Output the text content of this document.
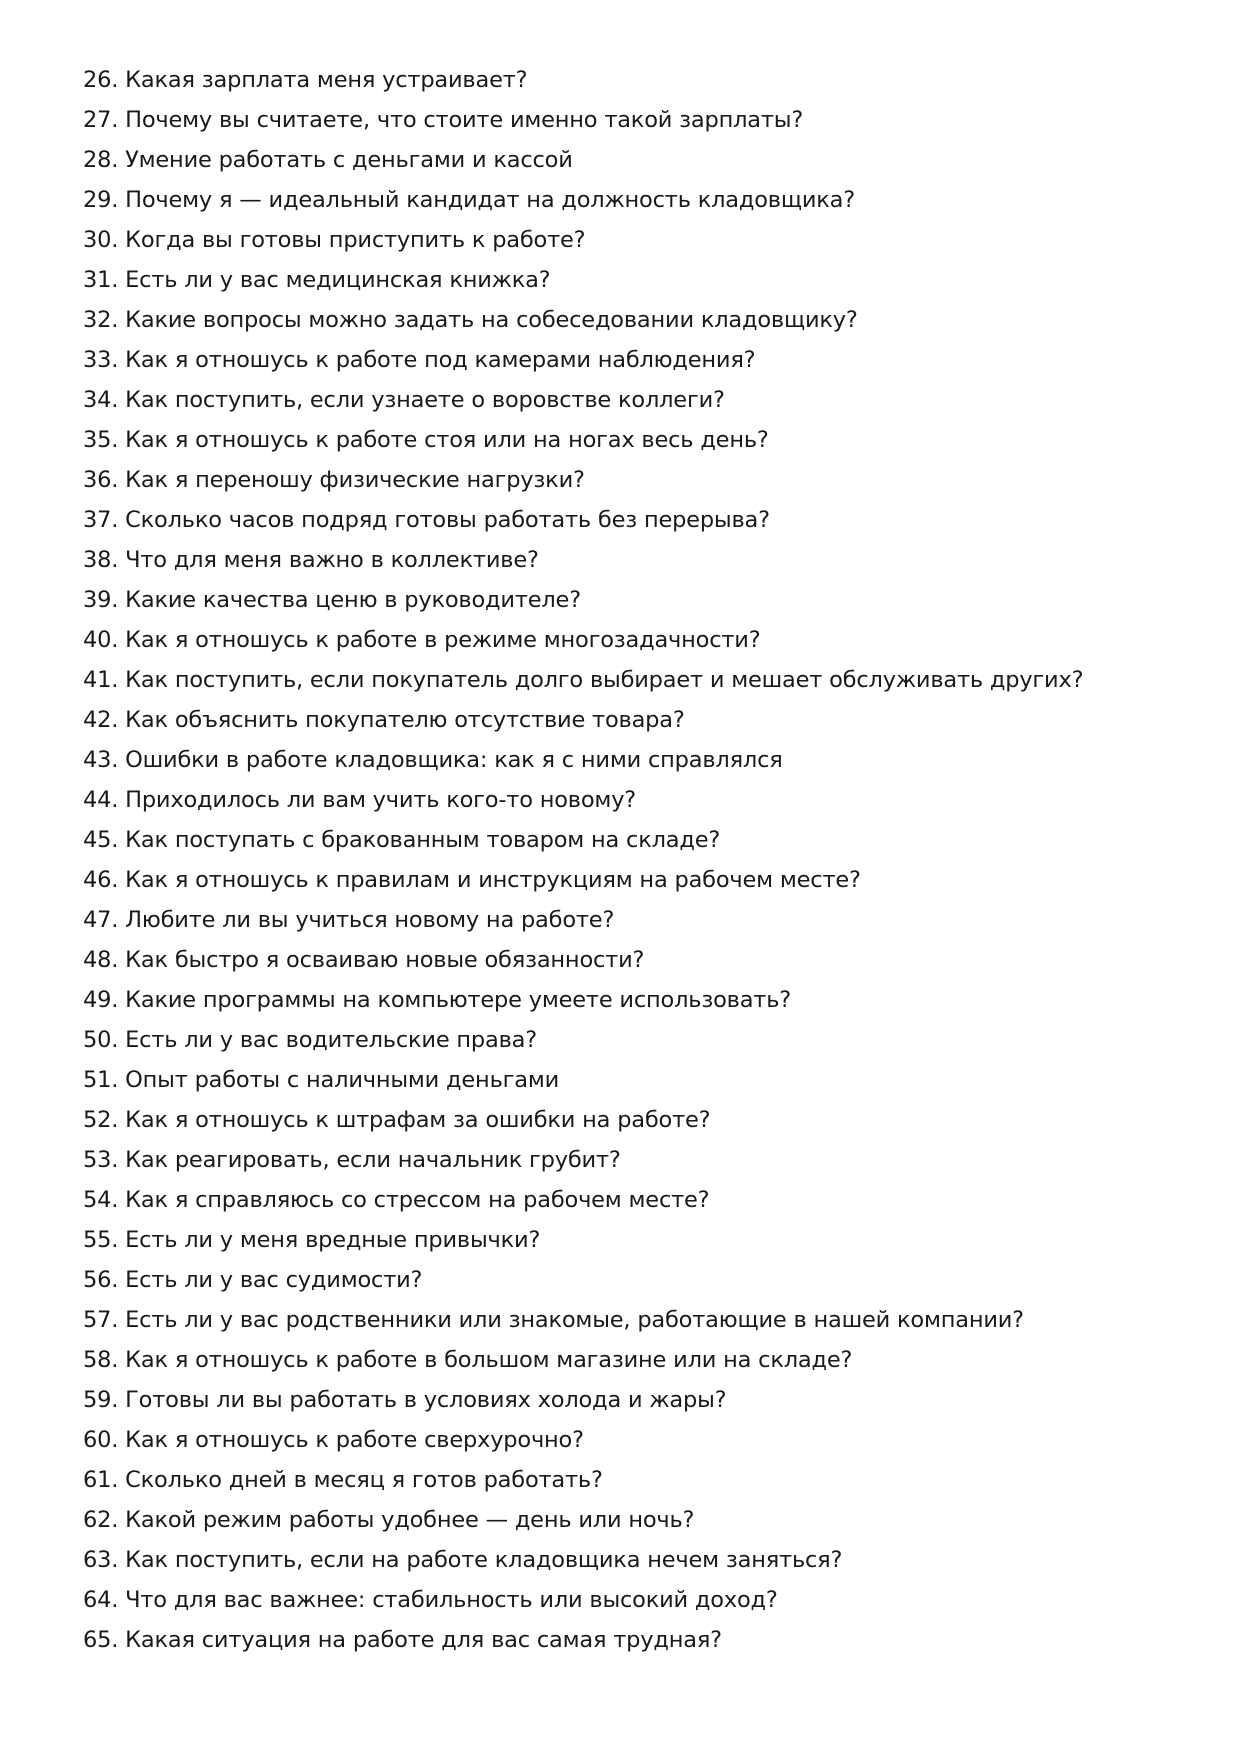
26. Какая зарплата меня устраивает?
27. Почему вы считаете, что стоите именно такой зарплаты?
28. Умение работать с деньгами и кассой
29. Почему я — идеальный кандидат на должность кладовщика?
30. Когда вы готовы приступить к работе?
31. Есть ли у вас медицинская книжка?
32. Какие вопросы можно задать на собеседовании кладовщику?
33. Как я отношусь к работе под камерами наблюдения?
34. Как поступить, если узнаете о воровстве коллеги?
35. Как я отношусь к работе стоя или на ногах весь день?
36. Как я переношу физические нагрузки?
37. Сколько часов подряд готовы работать без перерыва?
38. Что для меня важно в коллективе?
39. Какие качества ценю в руководителе?
40. Как я отношусь к работе в режиме многозадачности?
41. Как поступить, если покупатель долго выбирает и мешает обслуживать других?
42. Как объяснить покупателю отсутствие товара?
43. Ошибки в работе кладовщика: как я с ними справлялся
44. Приходилось ли вам учить кого-то новому?
45. Как поступать с бракованным товаром на складе?
46. Как я отношусь к правилам и инструкциям на рабочем месте?
47. Любите ли вы учиться новому на работе?
48. Как быстро я осваиваю новые обязанности?
49. Какие программы на компьютере умеете использовать?
50. Есть ли у вас водительские права?
51. Опыт работы с наличными деньгами
52. Как я отношусь к штрафам за ошибки на работе?
53. Как реагировать, если начальник грубит?
54. Как я справляюсь со стрессом на рабочем месте?
55. Есть ли у меня вредные привычки?
56. Есть ли у вас судимости?
57. Есть ли у вас родственники или знакомые, работающие в нашей компании?
58. Как я отношусь к работе в большом магазине или на складе?
59. Готовы ли вы работать в условиях холода и жары?
60. Как я отношусь к работе сверхурочно?
61. Сколько дней в месяц я готов работать?
62. Какой режим работы удобнее — день или ночь?
63. Как поступить, если на работе кладовщика нечем заняться?
64. Что для вас важнее: стабильность или высокий доход?
65. Какая ситуация на работе для вас самая трудная?
